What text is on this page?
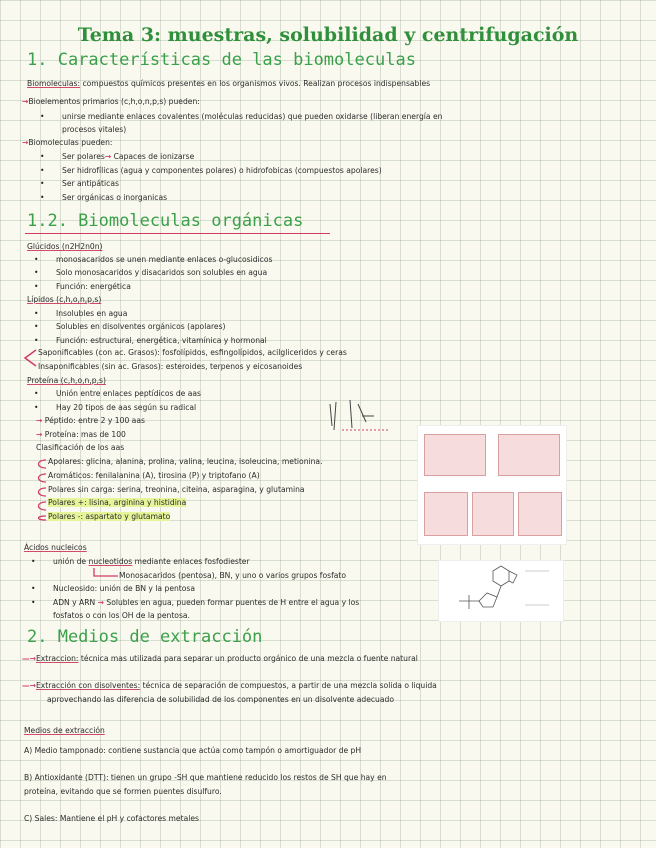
Tema 3: muestras, solubilidad y centrifugación
1. Características de las biomoleculas
Biomoleculas: compuestos químicos presentes en los organismos vivos. Realizan procesos indispensables
→Bioelementos primarios (c,h,o,n,p,s) pueden:
• unirse mediante enlaces covalentes (moléculas reducidas) que pueden oxidarse (liberan energía en
procesos vitales)
→Biomoleculas pueden:
• Ser polares→ Capaces de ionizarse
• Ser hidrofílicas (agua y componentes polares) o hidrofobicas (compuestos apolares)
• Ser antipáticas
• Ser orgánicas o inorganicas
1.2. Biomoleculas orgánicas
Glúcidos (n2H2n0n)
• monosacaridos se unen mediante enlaces o-glucosidicos
• Solo monosacaridos y disacaridos son solubles en agua
• Función: energética
Lípidos (c,h,o,n,p,s)
• Insolubles en agua
• Solubles en disolventes orgánicos (apolares)
• Función: estructural, energética, vitamínica y hormonal
Saponificables (con ac. Grasos): fosfolípidos, esfingolípidos, acilgliceridos y ceras
Insaponificables (sin ac. Grasos): esteroides, terpenos y eicosanoides
Proteína (c,h,o,n,p,s)
• Unión entre enlaces peptídicos de aas
• Hay 20 tipos de aas según su radical
→ Péptido: entre 2 y 100 aas
→ Proteína: mas de 100
Clasificación de los aas
Apolares: glicina, alanina, prolina, valina, leucina, isoleucina, metionina.
Aromáticos: fenilalanina (A), tirosina (P) y triptofano (A)
Polares sin carga: serina, treonina, citeina, asparagina, y glutamina
Polares +: lisina, arginina y histidina
Polares -: aspartato y glutamato
Ácidos nucleicos
• unión de nucleotidos mediante enlaces fosfodiester
Monosacaridos (pentosa), BN, y uno o varios grupos fosfato
• Nucleosido: unión de BN y la pentosa
• ADN y ARN → Solubles en agua, pueden formar puentes de H entre el agua y los
fosfatos o con los OH de la pentosa.
2. Medios de extracción
—→Extraccion: técnica mas utilizada para separar un producto orgánico de una mezcla o fuente natural
—→Extracción con disolventes: técnica de separación de compuestos, a partir de una mezcla solida o liquida
aprovechando las diferencia de solubilidad de los componentes en un disolvente adecuado
Medios de extracción
A) Medio tamponado: contiene sustancia que actúa como tampón o amortiguador de pH
B) Antioxidante (DTT): tienen un grupo -SH que mantiene reducido los restos de SH que hay en
proteína, evitando que se formen puentes disulfuro.
C) Sales: Mantiene el pH y cofactores metales
